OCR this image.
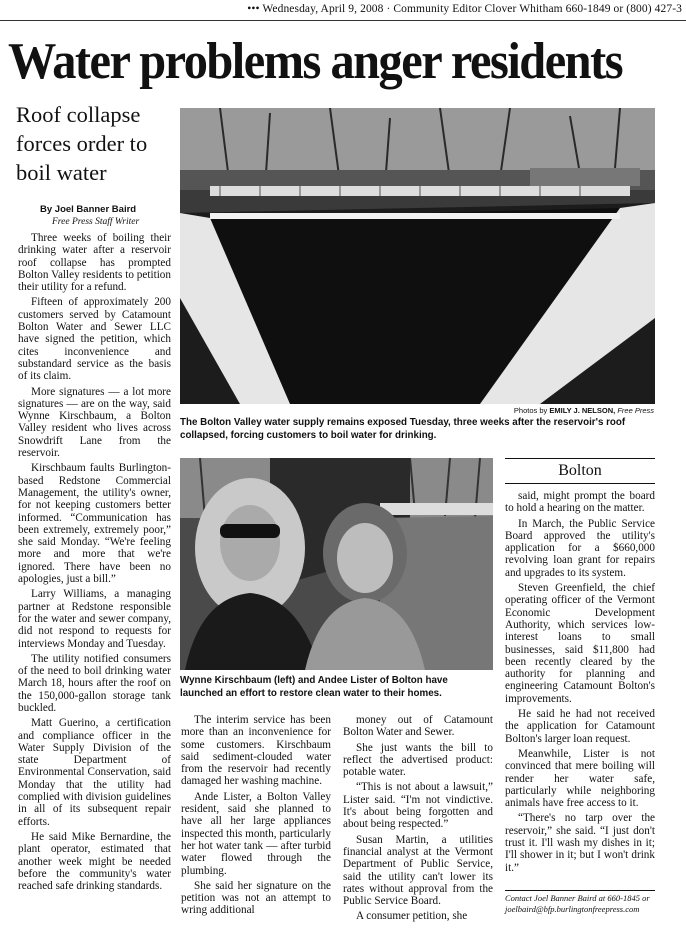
••• Wednesday, April 9, 2008 · Community Editor Clover Whitham 660-1849 or (800) 427-3
Water problems anger residents
Roof collapse forces order to boil water
By Joel Banner Baird
Free Press Staff Writer

Three weeks of boiling their drinking water after a reservoir roof collapse has prompted Bolton Valley residents to petition their utility for a refund.

Fifteen of approximately 200 customers served by Catamount Bolton Water and Sewer LLC have signed the petition, which cites inconvenience and substandard service as the basis of its claim.

More signatures — a lot more signatures — are on the way, said Wynne Kirschbaum, a Bolton Valley resident who lives across Snowdrift Lane from the reservoir.

Kirschbaum faults Burlington-based Redstone Commercial Management, the utility's owner, for not keeping customers better informed. “Communication has been extremely, extremely poor,” she said Monday. “We're feeling more and more that we're ignored. There have been no apologies, just a bill.”

Larry Williams, a managing partner at Redstone responsible for the water and sewer company, did not respond to requests for interviews Monday and Tuesday.

The utility notified consumers of the need to boil drinking water March 18, hours after the roof on the 150,000-gallon storage tank buckled.

Matt Guerino, a certification and compliance officer in the Water Supply Division of the state Department of Environmental Conservation, said Monday that the utility had complied with division guidelines in all of its subsequent repair efforts.

He said Mike Bernardine, the plant operator, estimated that another week might be needed before the community's water reached safe drinking standards.

Photos by EMILY J. NELSON, Free Press
The Bolton Valley water supply remains exposed Tuesday, three weeks after the reservoir's roof collapsed, forcing customers to boil water for drinking.
Wynne Kirschbaum (left) and Andee Lister of Bolton have launched an effort to restore clean water to their homes.

The interim service has been more than an inconvenience for some customers. Kirschbaum said sediment-clouded water from the reservoir had recently damaged her washing machine.

Ande Lister, a Bolton Valley resident, said she planned to have all her large appliances inspected this month, particularly her hot water tank — after turbid water flowed through the plumbing.

She said her signature on the petition was not an attempt to wring additional

money out of Catamount Bolton Water and Sewer.

She just wants the bill to reflect the advertised product: potable water.

“This is not about a lawsuit,” Lister said. “I'm not vindictive. It's about being forgotten and about being respected.”

Susan Martin, a utilities financial analyst at the Vermont Department of Public Service, said the utility can't lower its rates without approval from the Public Service Board.

A consumer petition, she

Bolton

said, might prompt the board to hold a hearing on the matter.

In March, the Public Service Board approved the utility's application for a $660,000 revolving loan grant for repairs and upgrades to its system.

Steven Greenfield, the chief operating officer of the Vermont Economic Development Authority, which services low-interest loans to small businesses, said $11,800 had been recently cleared by the authority for planning and engineering Catamount Bolton's improvements.

He said he had not received the application for Catamount Bolton's larger loan request.

Meanwhile, Lister is not convinced that mere boiling will render her water safe, particularly while neighboring animals have free access to it.

“There's no tarp over the reservoir,” she said. “I just don't trust it. I'll wash my dishes in it; I'll shower in it; but I won't drink it.”

Contact Joel Banner Baird at 660-1845 or joelbaird@bfp.burlingtonfreepress.com
